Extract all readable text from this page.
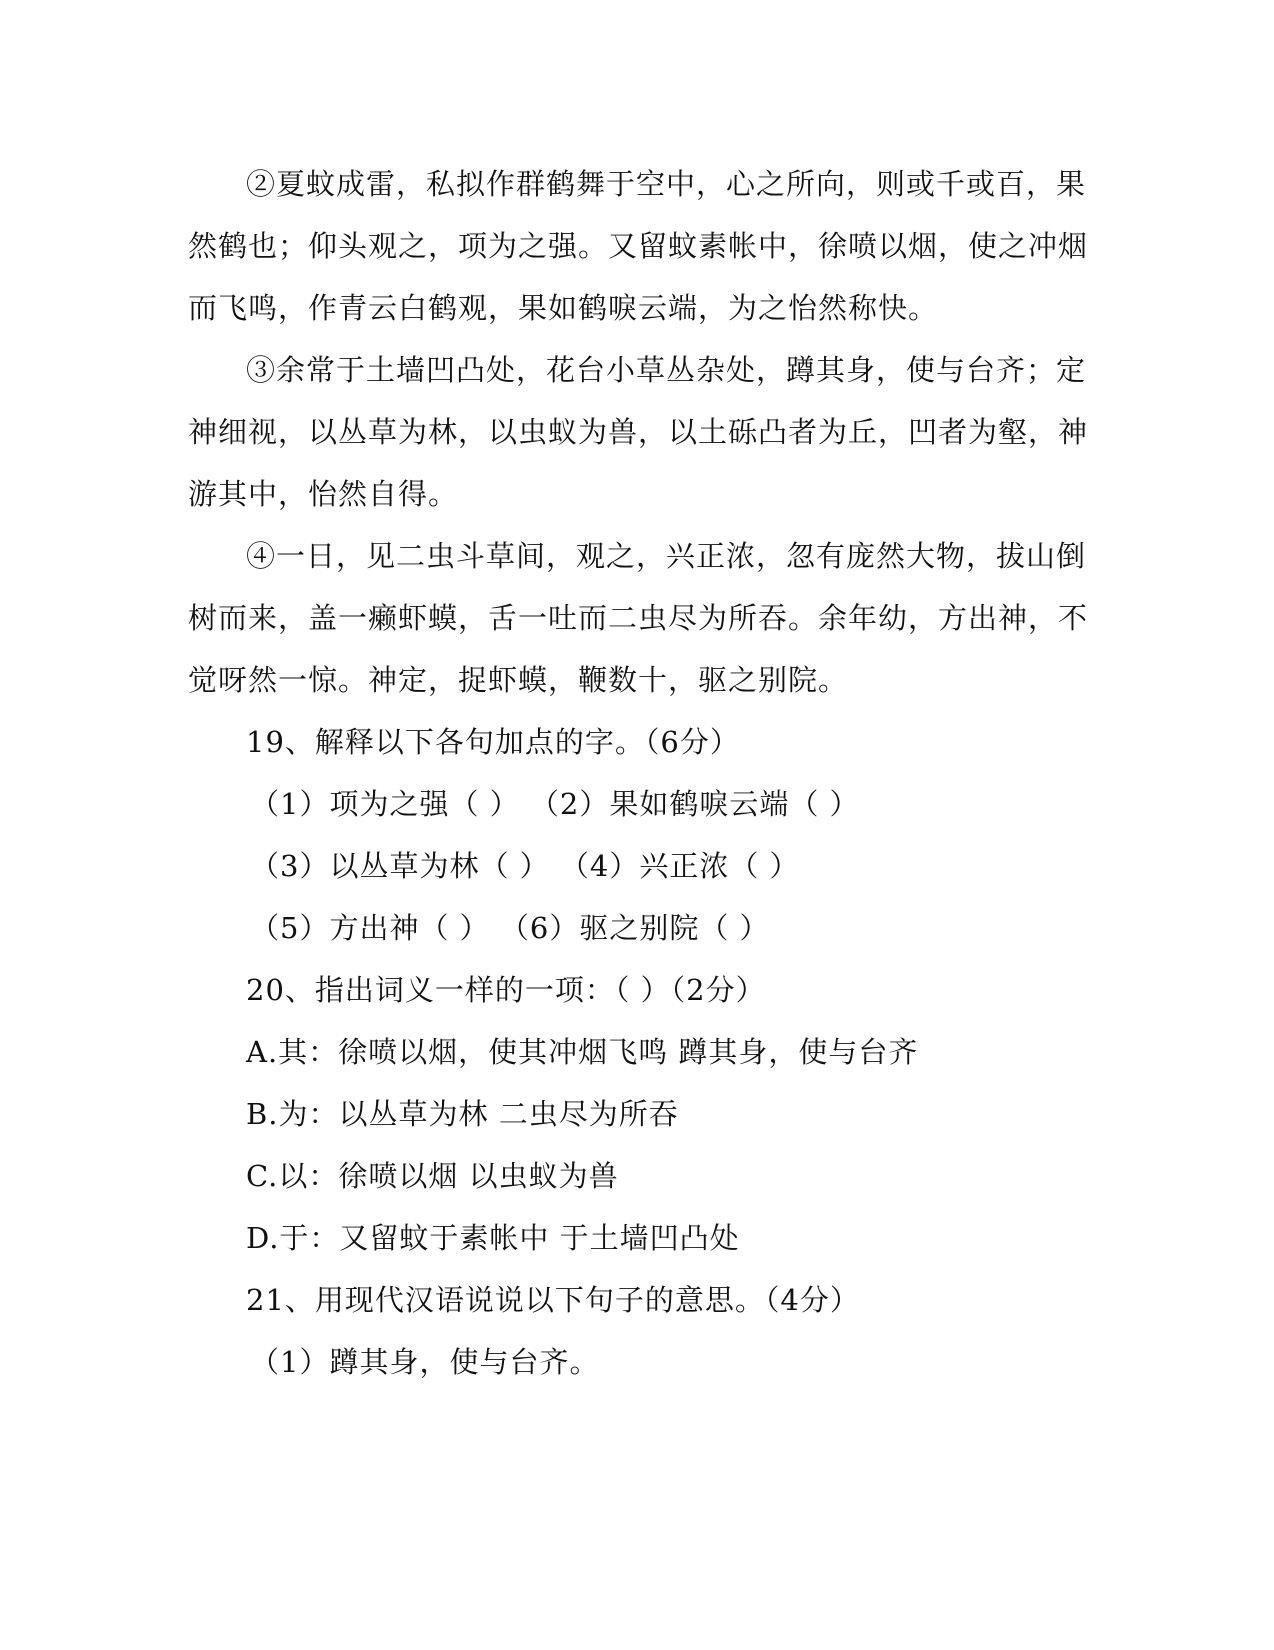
②夏蚊成雷，私拟作群鹤舞于空中，心之所向，则或千或百，果
然鹤也；仰头观之，项为之强。又留蚊素帐中，徐喷以烟，使之冲烟
而飞鸣，作青云白鹤观，果如鹤唳云端，为之怡然称快。
③余常于土墙凹凸处，花台小草丛杂处，蹲其身，使与台齐；定
神细视，以丛草为林，以虫蚁为兽，以土砾凸者为丘，凹者为壑，神
游其中，怡然自得。
④一日，见二虫斗草间，观之，兴正浓，忽有庞然大物，拔山倒
树而来，盖一癞虾蟆，舌一吐而二虫尽为所吞。余年幼，方出神，不
觉呀然一惊。神定，捉虾蟆，鞭数十，驱之别院。
19、解释以下各句加点的字。（6分）
（1）项为之强（ ） （2）果如鹤唳云端（ ）
（3）以丛草为林（ ） （4）兴正浓（ ）
（5）方出神（ ） （6）驱之别院（ ）
20、指出词义一样的一项：（ ）（2分）
A.其：徐喷以烟，使其冲烟飞鸣 蹲其身，使与台齐
B.为：以丛草为林 二虫尽为所吞
C.以：徐喷以烟 以虫蚁为兽
D.于：又留蚊于素帐中 于土墙凹凸处
21、用现代汉语说说以下句子的意思。（4分）
（1）蹲其身，使与台齐。
